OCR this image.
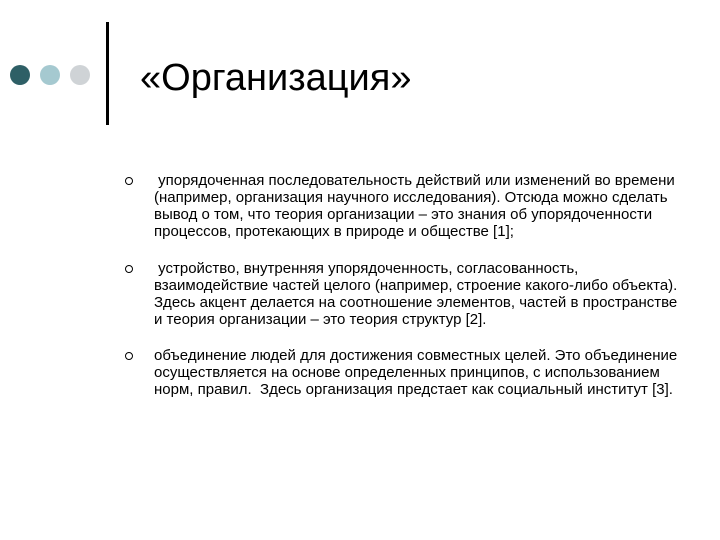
«Организация»
упорядоченная последовательность действий или изменений во времени (например, организация научного исследования). Отсюда можно сделать вывод о том, что теория организации – это знания об упорядоченности процессов, протекающих в природе и обществе [1];
устройство, внутренняя упорядоченность, согласованность, взаимодействие частей целого (например, строение какого-либо объекта). Здесь акцент делается на соотношение элементов, частей в пространстве  и теория организации – это теория структур [2].
объединение людей для достижения совместных целей. Это объединение осуществляется на основе определенных принципов, с использованием норм, правил.  Здесь организация предстает как социальный институт [3].
